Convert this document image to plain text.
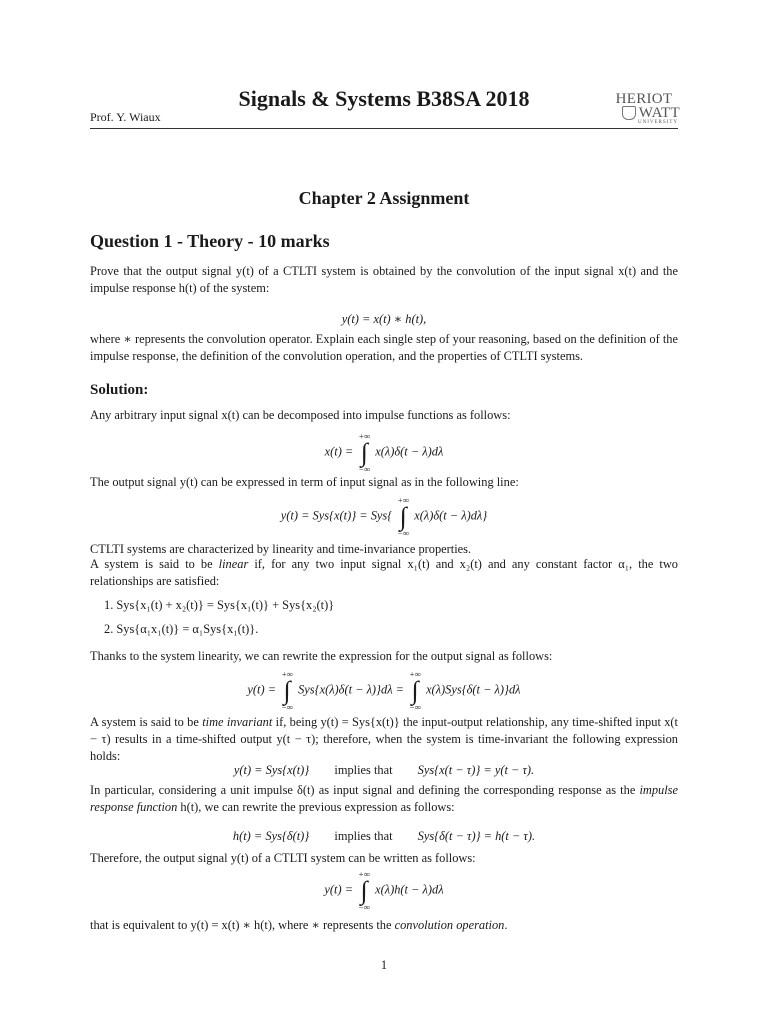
Signals & Systems B38SA 2018
Prof. Y. Wiaux
HERIOT
WATT
UNIVERSITY
Chapter 2 Assignment
Question 1 - Theory - 10 marks
Prove that the output signal y(t) of a CTLTI system is obtained by the convolution of the input signal x(t) and the impulse response h(t) of the system:
y(t) = x(t) ∗ h(t),
where ∗ represents the convolution operator. Explain each single step of your reasoning, based on the definition of the impulse response, the definition of the convolution operation, and the properties of CTLTI systems.
Solution:
Any arbitrary input signal x(t) can be decomposed into impulse functions as follows:
x(t) =
+∞
∫
−∞
x(λ)δ(t − λ)dλ
The output signal y(t) can be expressed in term of input signal as in the following line:
y(t) = Sys{x(t)} = Sys{
+∞
∫
−∞
x(λ)δ(t − λ)dλ}
CTLTI systems are characterized by linearity and time-invariance properties.
A system is said to be linear if, for any two input signal x₁(t) and x₂(t) and any constant factor α₁, the two relationships are satisfied:
1. Sys{x₁(t) + x₂(t)} = Sys{x₁(t)} + Sys{x₂(t)}
2. Sys{α₁x₁(t)} = α₁Sys{x₁(t)}.
Thanks to the system linearity, we can rewrite the expression for the output signal as follows:
y(t) =
+∞
∫
−∞
Sys{x(λ)δ(t − λ)}dλ =
+∞
∫
−∞
x(λ)Sys{δ(t − λ)}dλ
A system is said to be time invariant if, being y(t) = Sys{x(t)} the input-output relationship, any time-shifted input x(t − τ) results in a time-shifted output y(t − τ); therefore, when the system is time-invariant the following expression holds:
y(t) = Sys{x(t)} implies that Sys{x(t − τ)} = y(t − τ).
In particular, considering a unit impulse δ(t) as input signal and defining the corresponding response as the impulse response function h(t), we can rewrite the previous expression as follows:
h(t) = Sys{δ(t)} implies that Sys{δ(t − τ)} = h(t − τ).
Therefore, the output signal y(t) of a CTLTI system can be written as follows:
y(t) =
+∞
∫
−∞
x(λ)h(t − λ)dλ
that is equivalent to y(t) = x(t) ∗ h(t), where ∗ represents the convolution operation.
1
